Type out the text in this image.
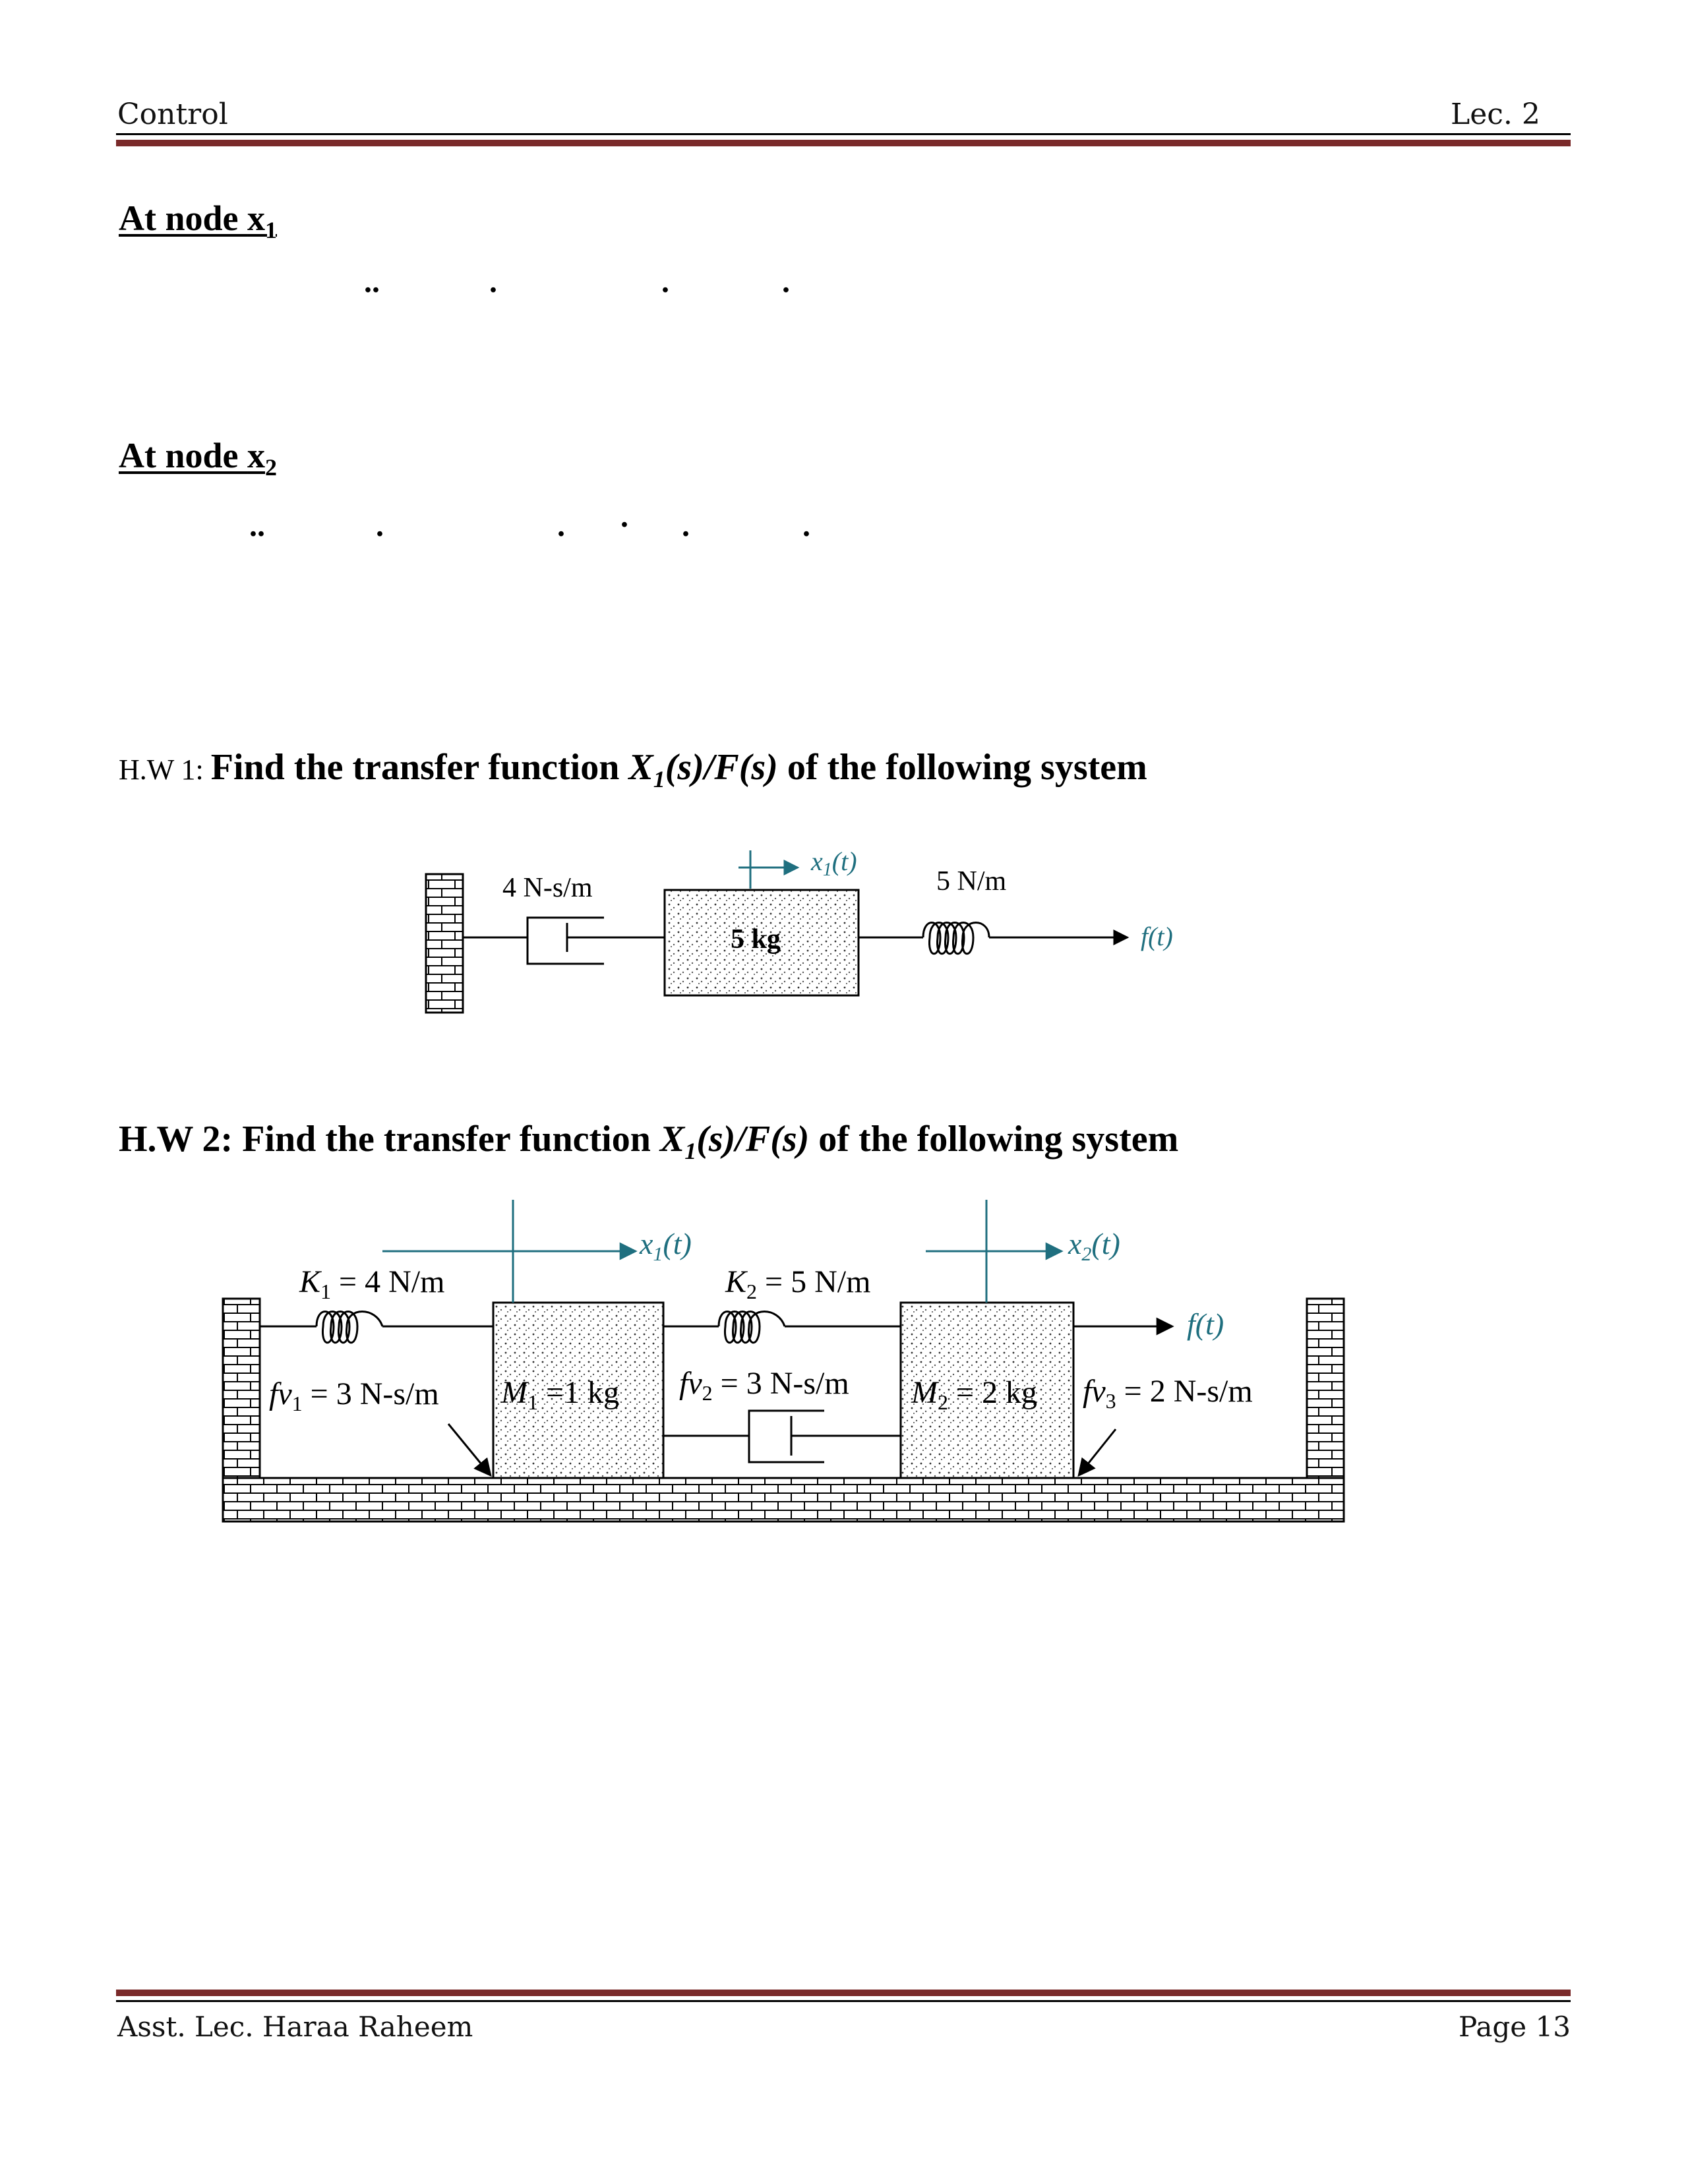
Control	Lec. 2
At node $x_1$
..	.	.	.
At node $x_2$
..	.	. . .	.
H.W 1: Find the transfer function $X_1(s)/F(s)$ of the following system
4 N-s/m
5 kg
$x_1(t)$
5 N/m
f(t)
H.W 2: Find the transfer function $X_1(s)/F(s)$ of the following system
$K_1 = 4$ N/m	$K_2 = 5$ N/m
$fv_2 = 3$ N-s/m
$fv_1 = 3$ N-s/m	$fv_3 = 2$ N-s/m
$M_1 =1$ kg	$M_2 = 2$ kg
$x_1(t)$	$x_2(t)$
f(t)
Asst. Lec. Haraa Raheem	Page 13
